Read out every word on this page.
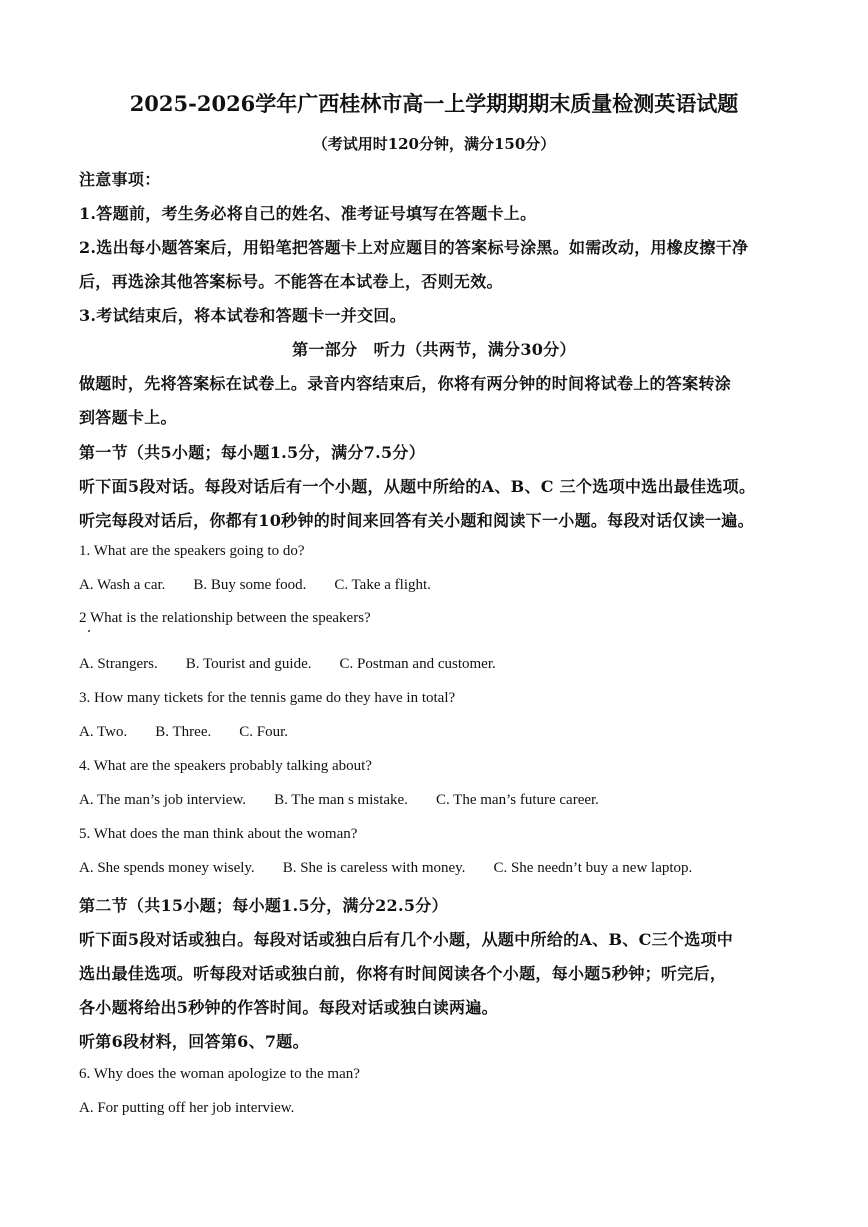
2025-2026学年广西桂林市高一上学期期期末质量检测英语试题
（考试用时120分钟，满分150分）
注意事项：
1.答题前，考生务必将自己的姓名、准考证号填写在答题卡上。
2.选出每小题答案后，用铅笔把答题卡上对应题目的答案标号涂黑。如需改动，用橡皮擦干净
后，再选涂其他答案标号。不能答在本试卷上，否则无效。
3.考试结束后，将本试卷和答题卡一并交回。
第一部分　听力（共两节，满分30分）
做题时，先将答案标在试卷上。录音内容结束后，你将有两分钟的时间将试卷上的答案转涂
到答题卡上。
第一节（共5小题；每小题1.5分，满分7.5分）
听下面5段对话。每段对话后有一个小题，从题中所给的A、B、C 三个选项中选出最佳选项。
听完每段对话后，你都有10秒钟的时间来回答有关小题和阅读下一小题。每段对话仅读一遍。
1. What are the speakers going to do?
A. Wash a car. B. Buy some food. C. Take a flight.
2 What is the relationship between the speakers?
A. Strangers. B. Tourist and guide. C. Postman and customer.
3. How many tickets for the tennis game do they have in total?
A. Two. B. Three. C. Four.
4. What are the speakers probably talking about?
A. The man’s job interview. B. The man s mistake. C. The man’s future career.
5. What does the man think about the woman?
A. She spends money wisely. B. She is careless with money. C. She needn’t buy a new laptop.
第二节（共15小题；每小题1.5分，满分22.5分）
听下面5段对话或独白。每段对话或独白后有几个小题，从题中所给的A、B、C三个选项中
选出最佳选项。听每段对话或独白前，你将有时间阅读各个小题，每小题5秒钟；听完后，
各小题将给出5秒钟的作答时间。每段对话或独白读两遍。
听第6段材料，回答第6、7题。
6. Why does the woman apologize to the man?
A. For putting off her job interview.
